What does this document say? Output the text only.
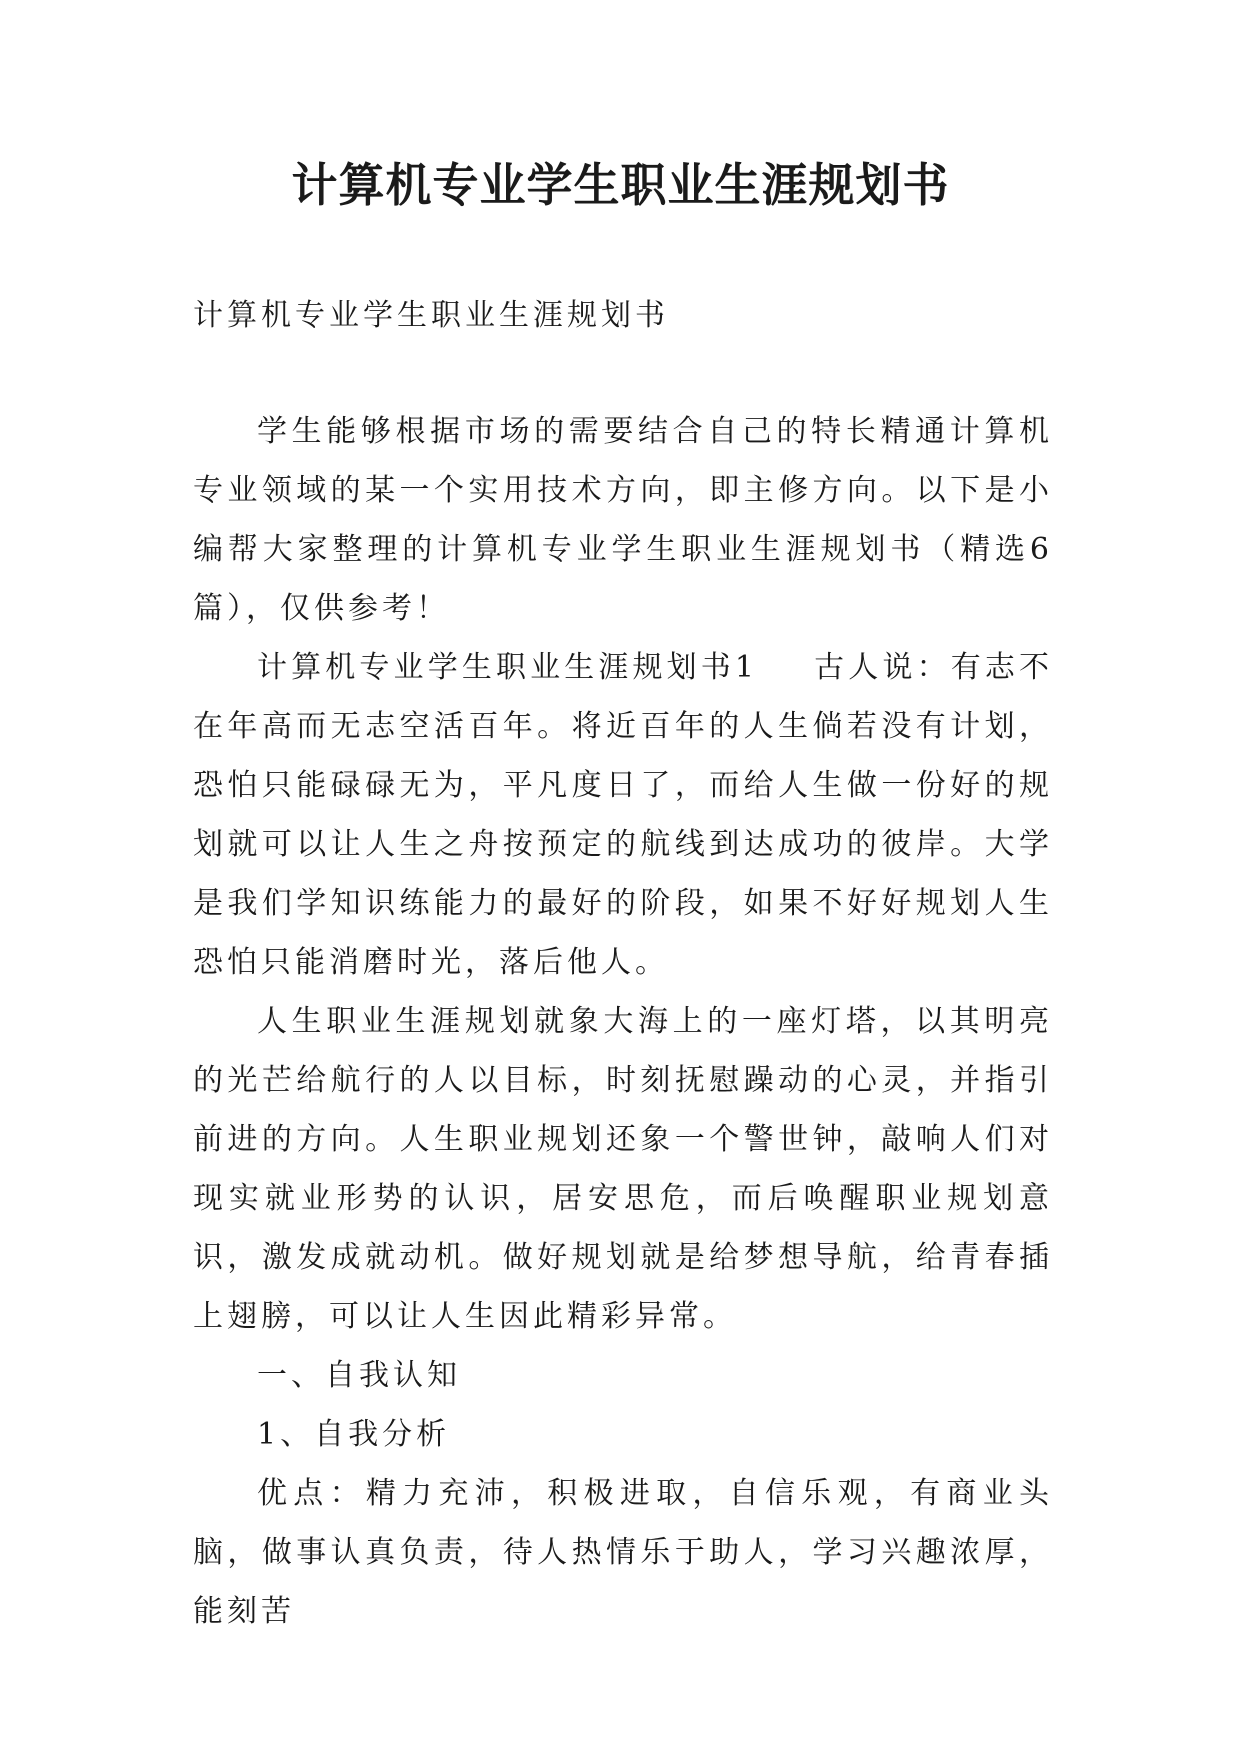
计算机专业学生职业生涯规划书

计算机专业学生职业生涯规划书

学生能够根据市场的需要结合自己的特长精通计算机专业领域的某一个实用技术方向，即主修方向。以下是小编帮大家整理的计算机专业学生职业生涯规划书（精选6篇），仅供参考！

计算机专业学生职业生涯规划书1 古人说：有志不在年高而无志空活百年。将近百年的人生倘若没有计划，恐怕只能碌碌无为，平凡度日了，而给人生做一份好的规划就可以让人生之舟按预定的航线到达成功的彼岸。大学是我们学知识练能力的最好的阶段，如果不好好规划人生恐怕只能消磨时光，落后他人。

人生职业生涯规划就象大海上的一座灯塔，以其明亮的光芒给航行的人以目标，时刻抚慰躁动的心灵，并指引前进的方向。人生职业规划还象一个警世钟，敲响人们对现实就业形势的认识，居安思危，而后唤醒职业规划意识，激发成就动机。做好规划就是给梦想导航，给青春插上翅膀，可以让人生因此精彩异常。

一、自我认知

1、自我分析

优点：精力充沛，积极进取，自信乐观，有商业头脑，做事认真负责，待人热情乐于助人，学习兴趣浓厚，能刻苦
